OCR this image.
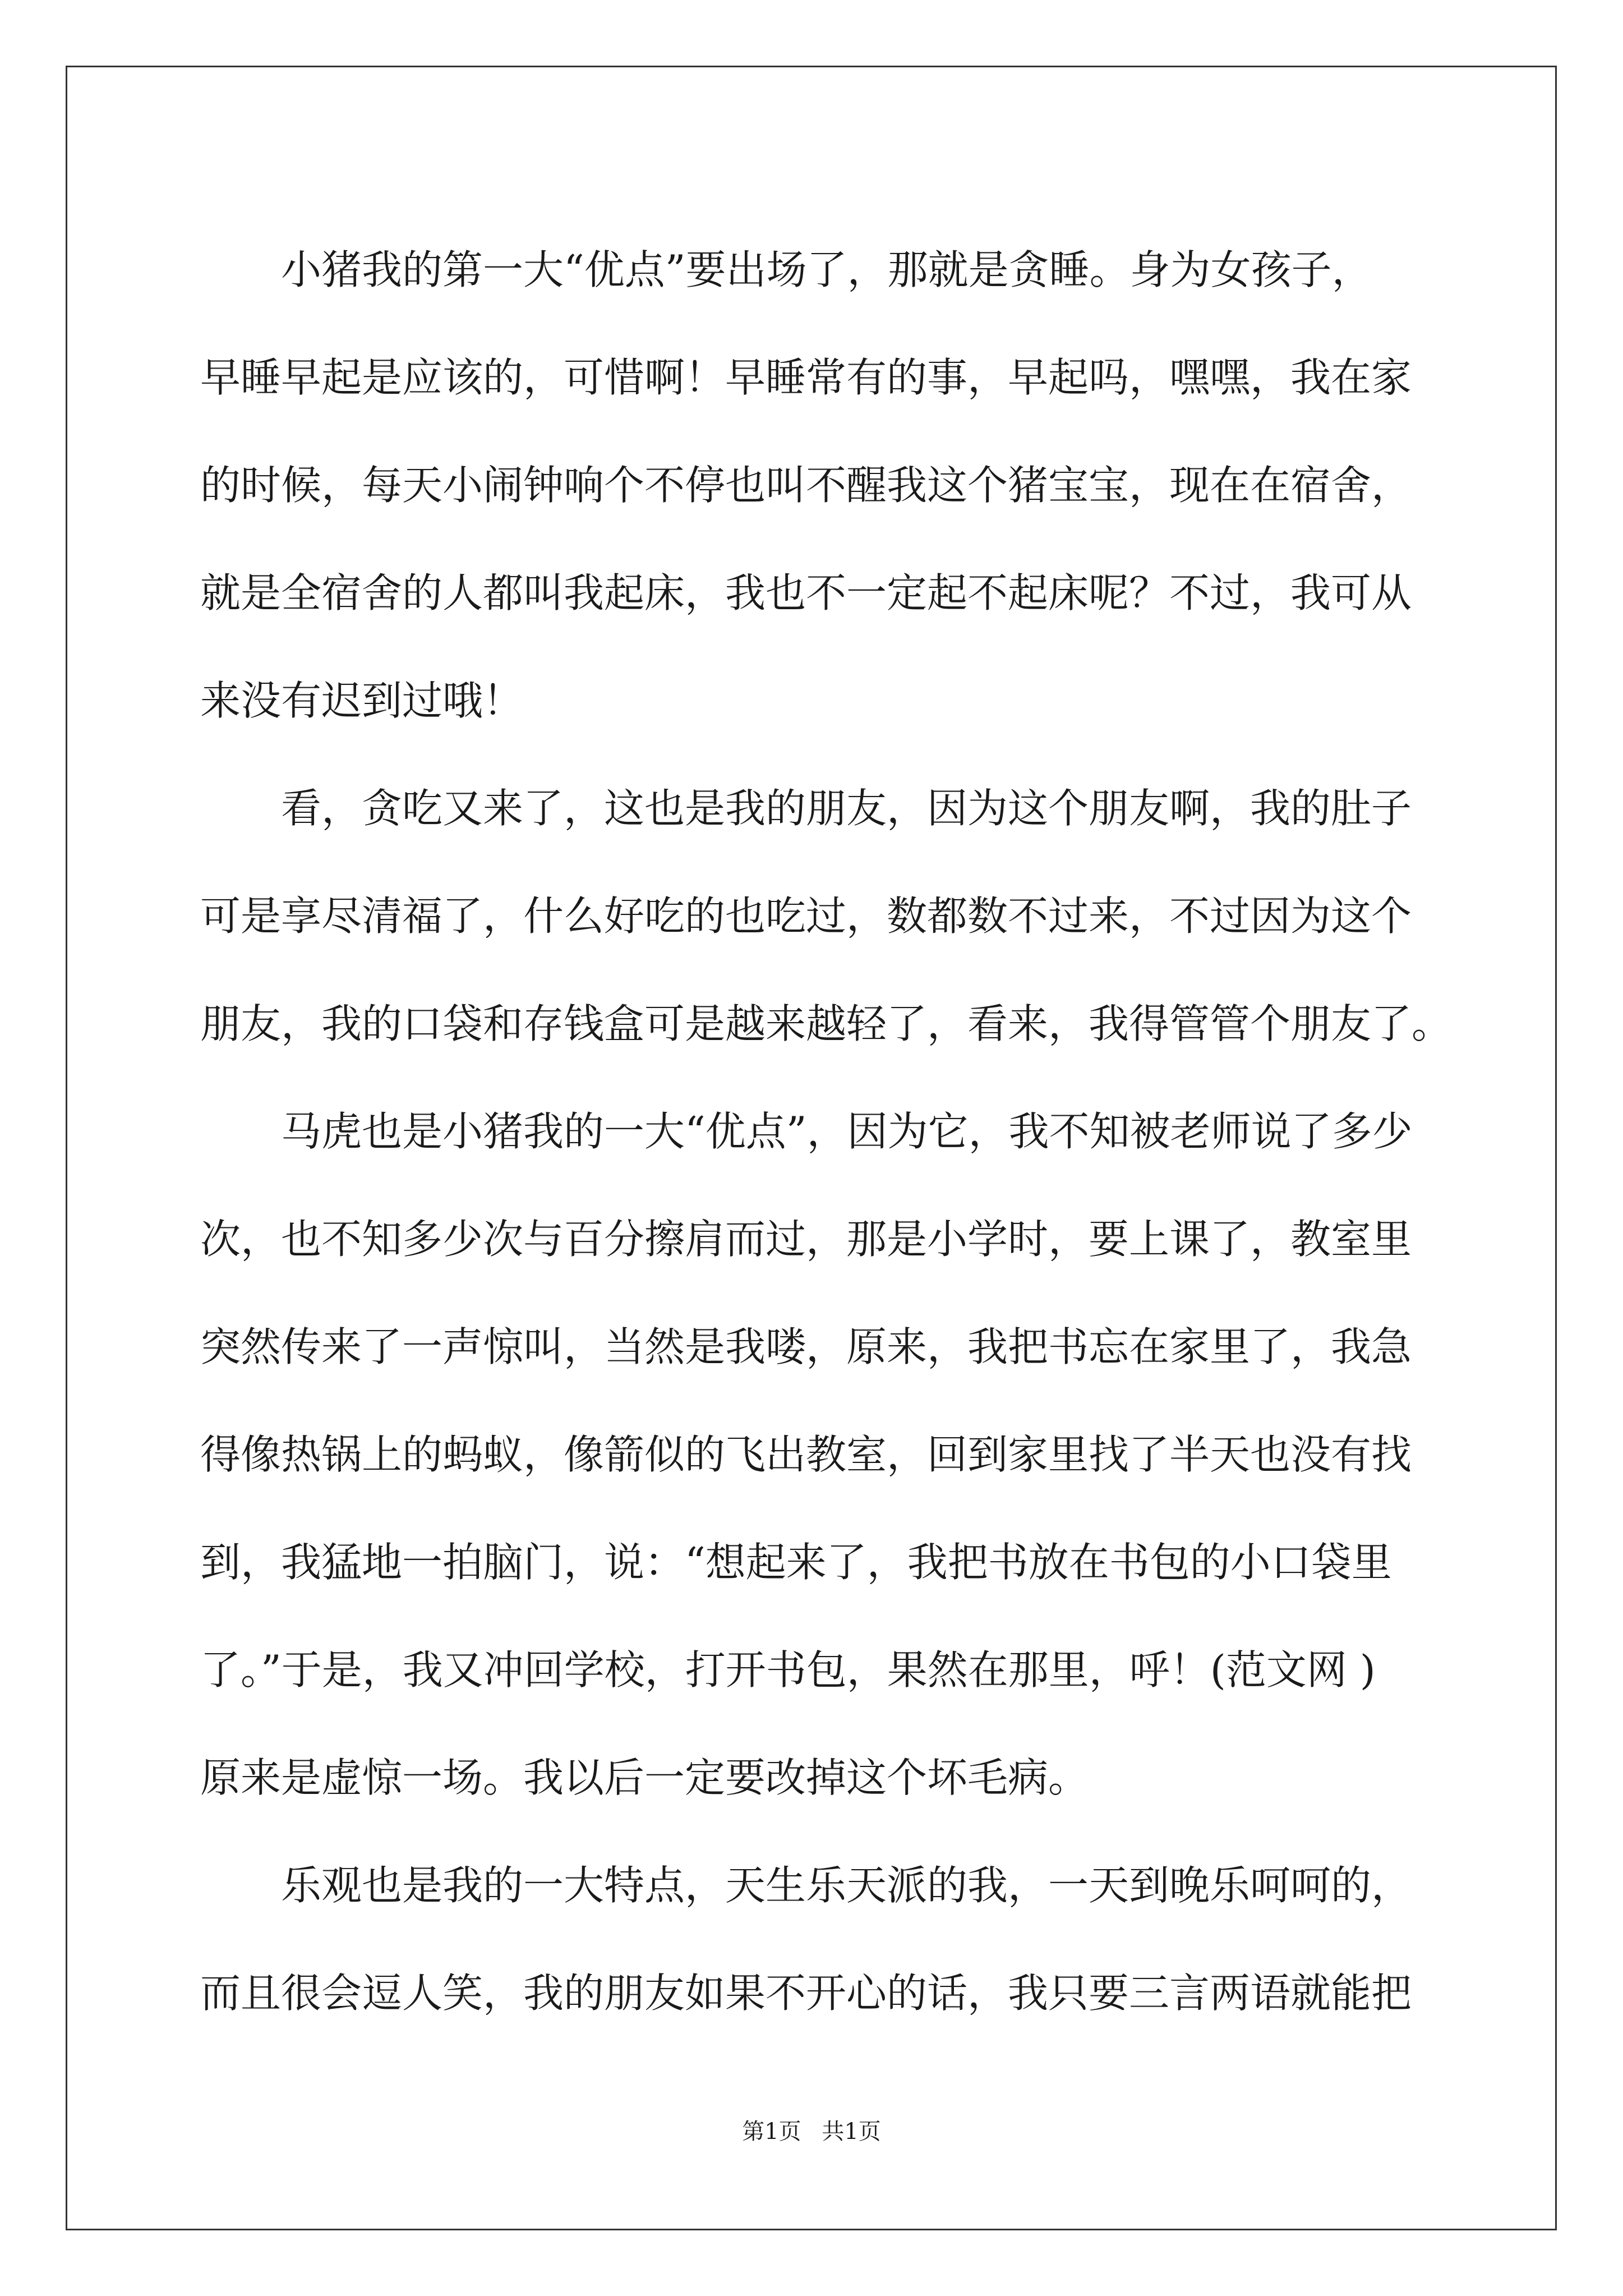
小猪我的第一大“优点”要出场了，那就是贪睡。身为女孩子，
早睡早起是应该的，可惜啊！早睡常有的事，早起吗，嘿嘿，我在家
的时候，每天小闹钟响个不停也叫不醒我这个猪宝宝，现在在宿舍，
就是全宿舍的人都叫我起床，我也不一定起不起床呢？不过，我可从
来没有迟到过哦！
看，贪吃又来了，这也是我的朋友，因为这个朋友啊，我的肚子
可是享尽清福了，什么好吃的也吃过，数都数不过来，不过因为这个
朋友，我的口袋和存钱盒可是越来越轻了，看来，我得管管个朋友了。
马虎也是小猪我的一大“优点”，因为它，我不知被老师说了多少
次，也不知多少次与百分擦肩而过，那是小学时，要上课了，教室里
突然传来了一声惊叫，当然是我喽，原来，我把书忘在家里了，我急
得像热锅上的蚂蚁，像箭似的飞出教室，回到家里找了半天也没有找
到，我猛地一拍脑门，说：“想起来了，我把书放在书包的小口袋里
了。”于是，我又冲回学校，打开书包，果然在那里，呼！(范文网 )
原来是虚惊一场。我以后一定要改掉这个坏毛病。
乐观也是我的一大特点，天生乐天派的我，一天到晚乐呵呵的，
而且很会逗人笑，我的朋友如果不开心的话，我只要三言两语就能把
第1页 共1页
